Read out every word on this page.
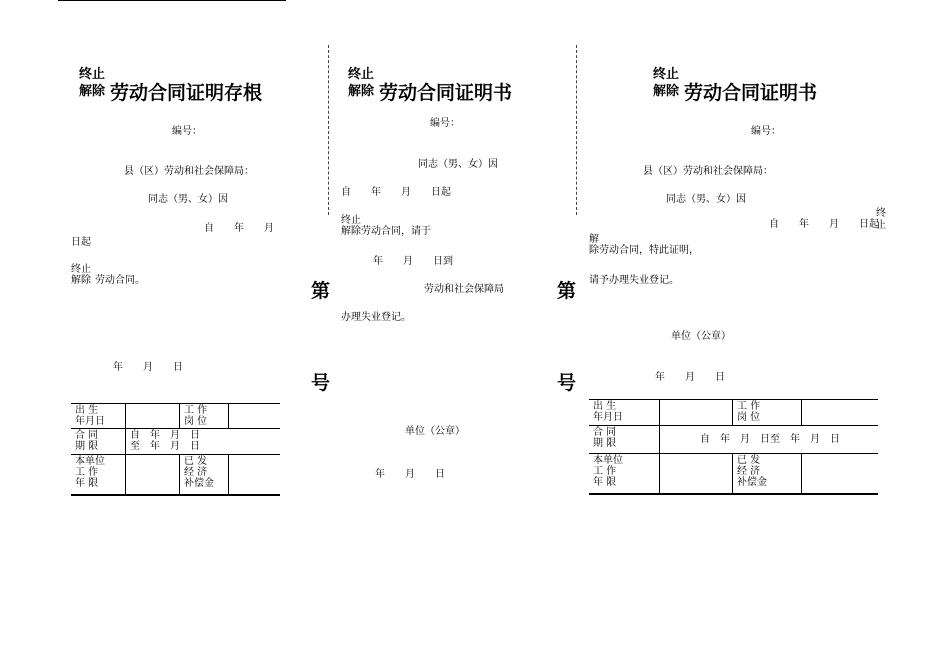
终止
解除 劳动合同证明存根
编号：
县（区）劳动和社会保障局：
同志（男、女）因
自　　年　　月
日起
终止
解除 劳动合同。
年　　月　　日
出 生
年月日		工 作
岗 位	
合 同
期 限	自　年　月　日
至　年　月　日		
本单位
工 作
年 限		已 发
经 济
补偿金	
第
号
终止
解除 劳动合同证明书
编号：
同志（男、女）因
自　　年　　月　　日起
终止
解除劳动合同，请于
年　　月　　日到
劳动和社会保障局
办理失业登记。
单位（公章）
年　　月　　日
第
号
终止
解除 劳动合同证明书
编号：
县（区）劳动和社会保障局：
同志（男、女）因
自　　年　　月　　日起
终
止
解
除劳动合同，特此证明，
请予办理失业登记。
单位（公章）
年　　月　　日
出 生
年月日		工 作
岗 位	
合 同
期 限	自　年　月　日至　年　月　日		
本单位
工 作
年 限		已 发
经 济
补偿金	
